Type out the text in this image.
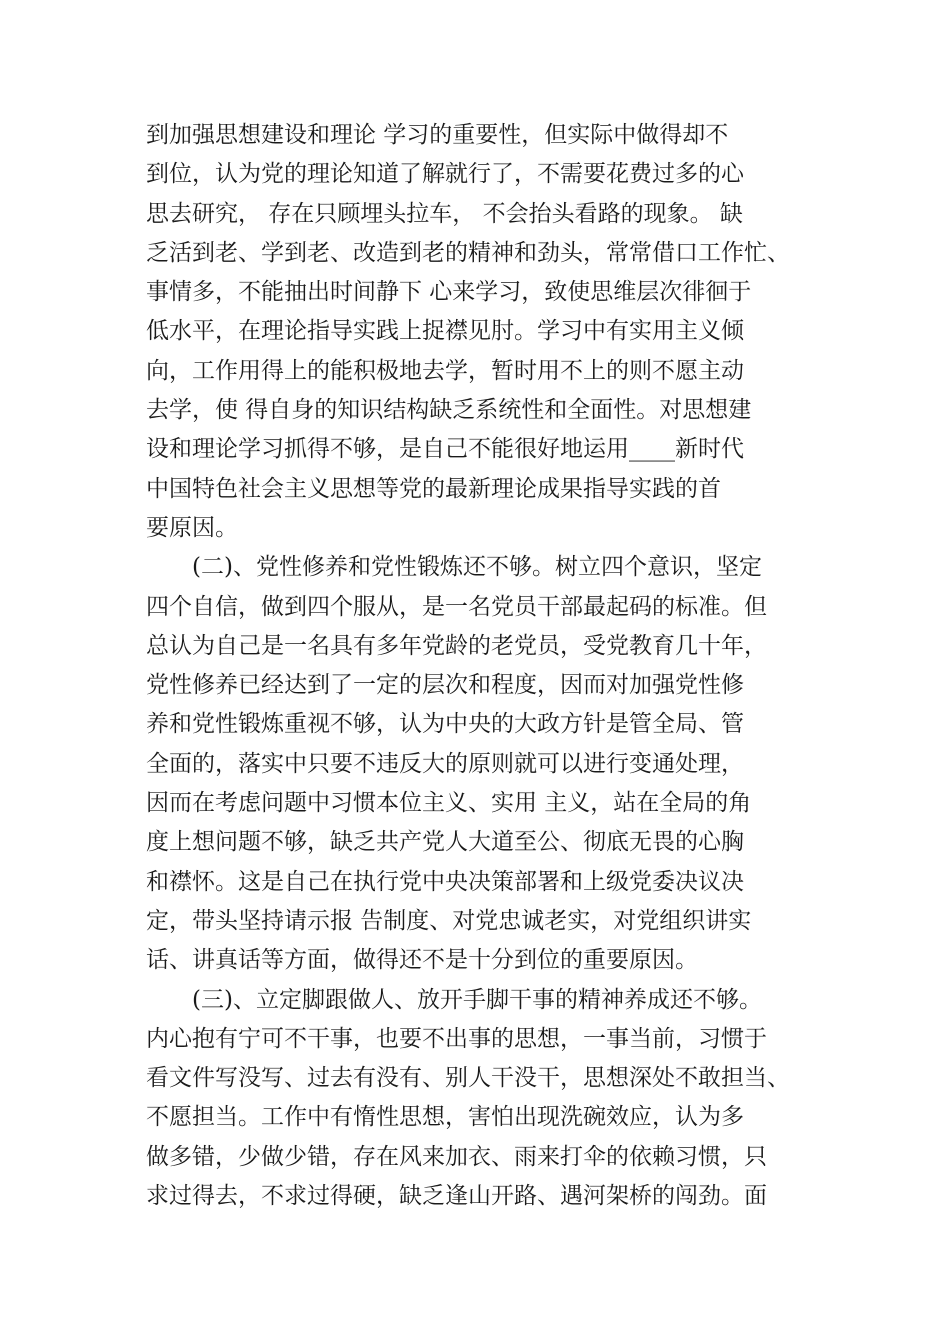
到加强思想建设和理论 学习的重要性，但实际中做得却不
到位，认为党的理论知道了解就行了，不需要花费过多的心
思去研究， 存在只顾埋头拉车， 不会抬头看路的现象。 缺
乏活到老、学到老、改造到老的精神和劲头，常常借口工作忙、
事情多，不能抽出时间静下 心来学习，致使思维层次徘徊于
低水平，在理论指导实践上捉襟见肘。学习中有实用主义倾
向，工作用得上的能积极地去学，暂时用不上的则不愿主动
去学，使 得自身的知识结构缺乏系统性和全面性。对思想建
设和理论学习抓得不够，是自己不能很好地运用____新时代
中国特色社会主义思想等党的最新理论成果指导实践的首
要原因。
(二)、党性修养和党性锻炼还不够。树立四个意识，坚定
四个自信，做到四个服从，是一名党员干部最起码的标准。但
总认为自己是一名具有多年党龄的老党员，受党教育几十年，
党性修养已经达到了一定的层次和程度，因而对加强党性修
养和党性锻炼重视不够，认为中央的大政方针是管全局、管
全面的，落实中只要不违反大的原则就可以进行变通处理，
因而在考虑问题中习惯本位主义、实用 主义，站在全局的角
度上想问题不够，缺乏共产党人大道至公、彻底无畏的心胸
和襟怀。这是自己在执行党中央决策部署和上级党委决议决
定，带头坚持请示报 告制度、对党忠诚老实，对党组织讲实
话、讲真话等方面，做得还不是十分到位的重要原因。
(三)、立定脚跟做人、放开手脚干事的精神养成还不够。
内心抱有宁可不干事，也要不出事的思想，一事当前，习惯于
看文件写没写、过去有没有、别人干没干，思想深处不敢担当、
不愿担当。工作中有惰性思想，害怕出现洗碗效应，认为多
做多错，少做少错，存在风来加衣、雨来打伞的依赖习惯，只
求过得去，不求过得硬，缺乏逢山开路、遇河架桥的闯劲。面
